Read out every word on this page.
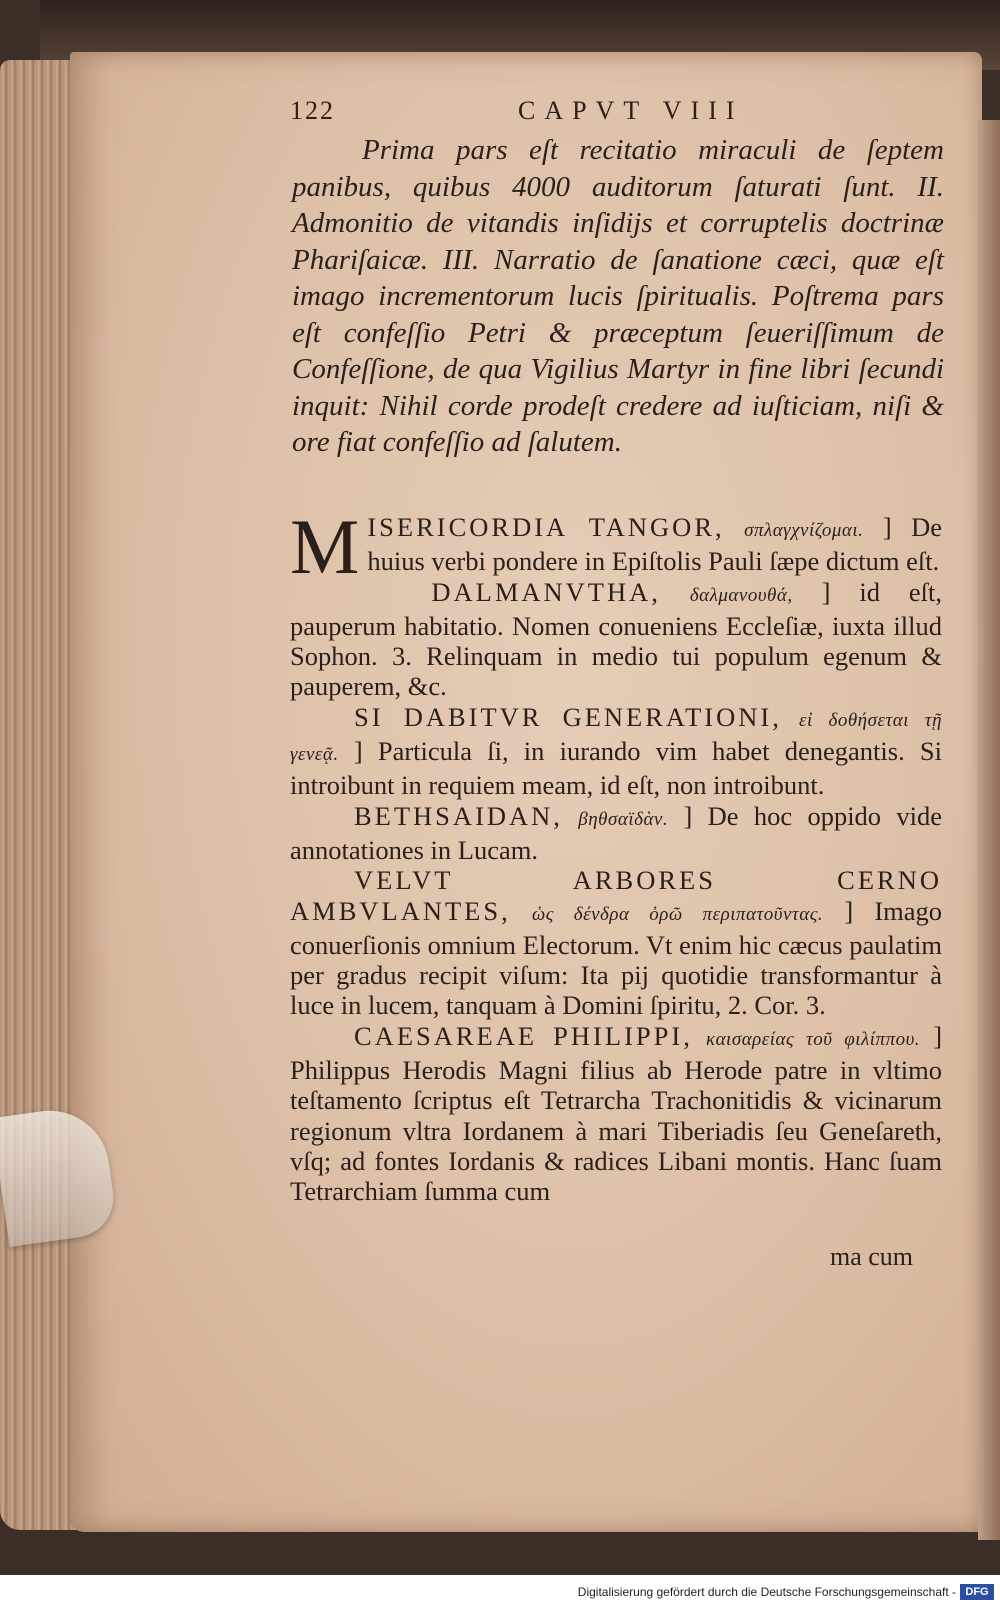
122	CAPVT VIII

Prima pars eſt recitatio miraculi de ſeptem panibus, quibus 4000 auditorum ſaturati ſunt. II. Admonitio de vitandis inſidijs et corruptelis doctrinæ Phariſaicæ. III. Narratio de ſanatione cæci, quæ eſt imago incrementorum lucis ſpiritualis. Poſtrema pars eſt confeſſio Petri & præceptum ſeueriſſimum de Confeſſione, de qua Vigilius Martyr in fine libri ſecundi inquit: Nihil corde prodeſt credere ad iuſticiam, niſi & ore fiat confeſſio ad ſalutem.

M ISERICORDIA TANGOR, σπλαγχνίζομαι. ] De huius verbi pondere in Epiſtolis Pauli ſæpe dictum eſt.

DALMANVTHA, δαλμανουθά, ] id eſt, pauperum habitatio. Nomen conueniens Eccleſiæ, iuxta illud Sophon. 3. Relinquam in medio tui populum egenum & pauperem, &c.

SI DABITVR GENERATIONI, εἰ δοθήσεται τῇ γενεᾷ. ] Particula ſi, in iurando vim habet denegantis. Si introibunt in requiem meam, id eſt, non introibunt.

BETHSAIDAN, βηθσαϊδὰν. ] De hoc oppido vide annotationes in Lucam.

VELVT ARBORES CERNO AMBVLANTES, ὡς δένδρα ὁρῶ περιπατοῦντας. ] Imago conuerſionis omnium Electorum. Vt enim hic cæcus paulatim per gradus recipit viſum: Ita pij quotidie transformantur à luce in lucem, tanquam à Domini ſpiritu, 2. Cor. 3.

CAESAREAE PHILIPPI, καισαρείας τοῦ φιλίππου. ] Philippus Herodis Magni filius ab Herode patre in vltimo teſtamento ſcriptus eſt Tetrarcha Trachonitidis & vicinarum regionum vltra Iordanem à mari Tiberiadis ſeu Geneſareth, vſq; ad fontes Iordanis & radices Libani montis. Hanc ſuam Tetrarchiam ſumma cum

ma cum
Digitalisierung gefördert durch die Deutsche Forschungsgemeinschaft - DFG
